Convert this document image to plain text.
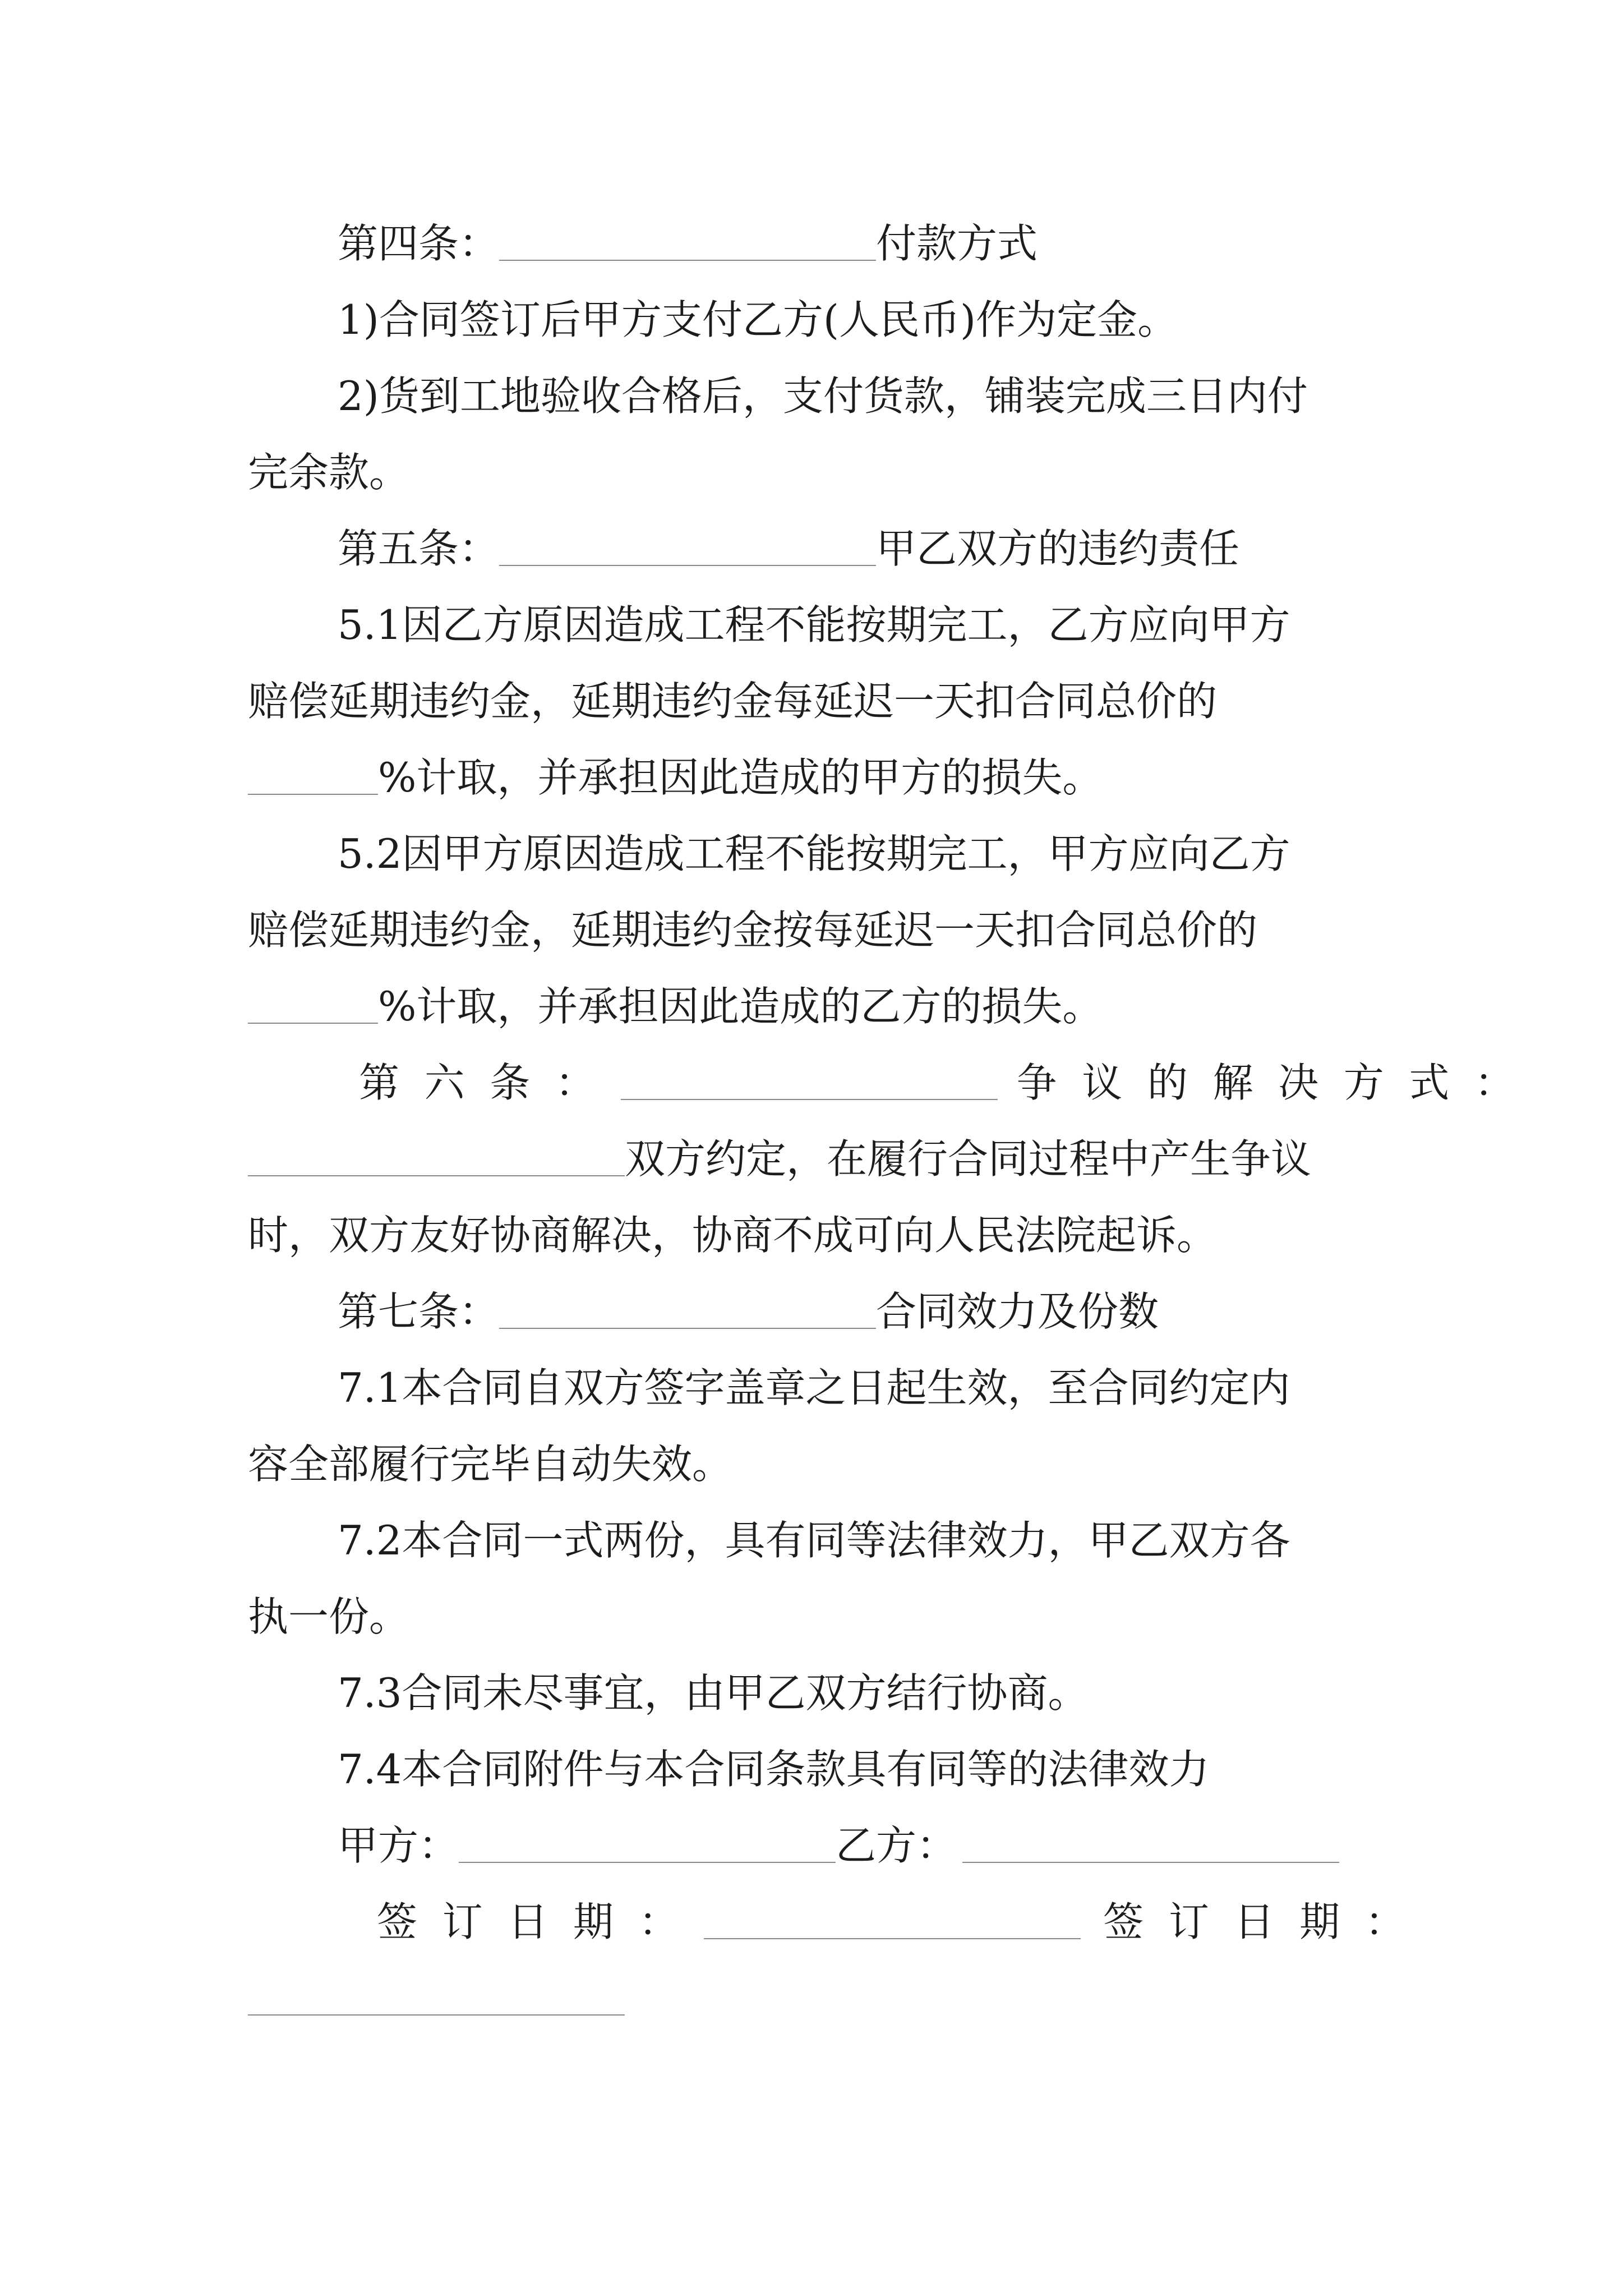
第四条：	付款方式
1)合同签订后甲方支付乙方(人民币)作为定金。
2)货到工地验收合格后，支付货款，铺装完成三日内付
完余款。
第五条：	甲乙双方的违约责任
5.1因乙方原因造成工程不能按期完工，乙方应向甲方
赔偿延期违约金，延期违约金每延迟一天扣合同总价的
%计取，并承担因此造成的甲方的损失。
5.2因甲方原因造成工程不能按期完工，甲方应向乙方
赔偿延期违约金，延期违约金按每延迟一天扣合同总价的
%计取，并承担因此造成的乙方的损失。
第六条：	争议的解决方式：
双方约定，在履行合同过程中产生争议
时，双方友好协商解决，协商不成可向人民法院起诉。
第七条：	合同效力及份数
7.1本合同自双方签字盖章之日起生效，至合同约定内
容全部履行完毕自动失效。
7.2本合同一式两份，具有同等法律效力，甲乙双方各
执一份。
7.3合同未尽事宜，由甲乙双方结行协商。
7.4本合同附件与本合同条款具有同等的法律效力
甲方：	乙方：
签订日期：	签订日期：
